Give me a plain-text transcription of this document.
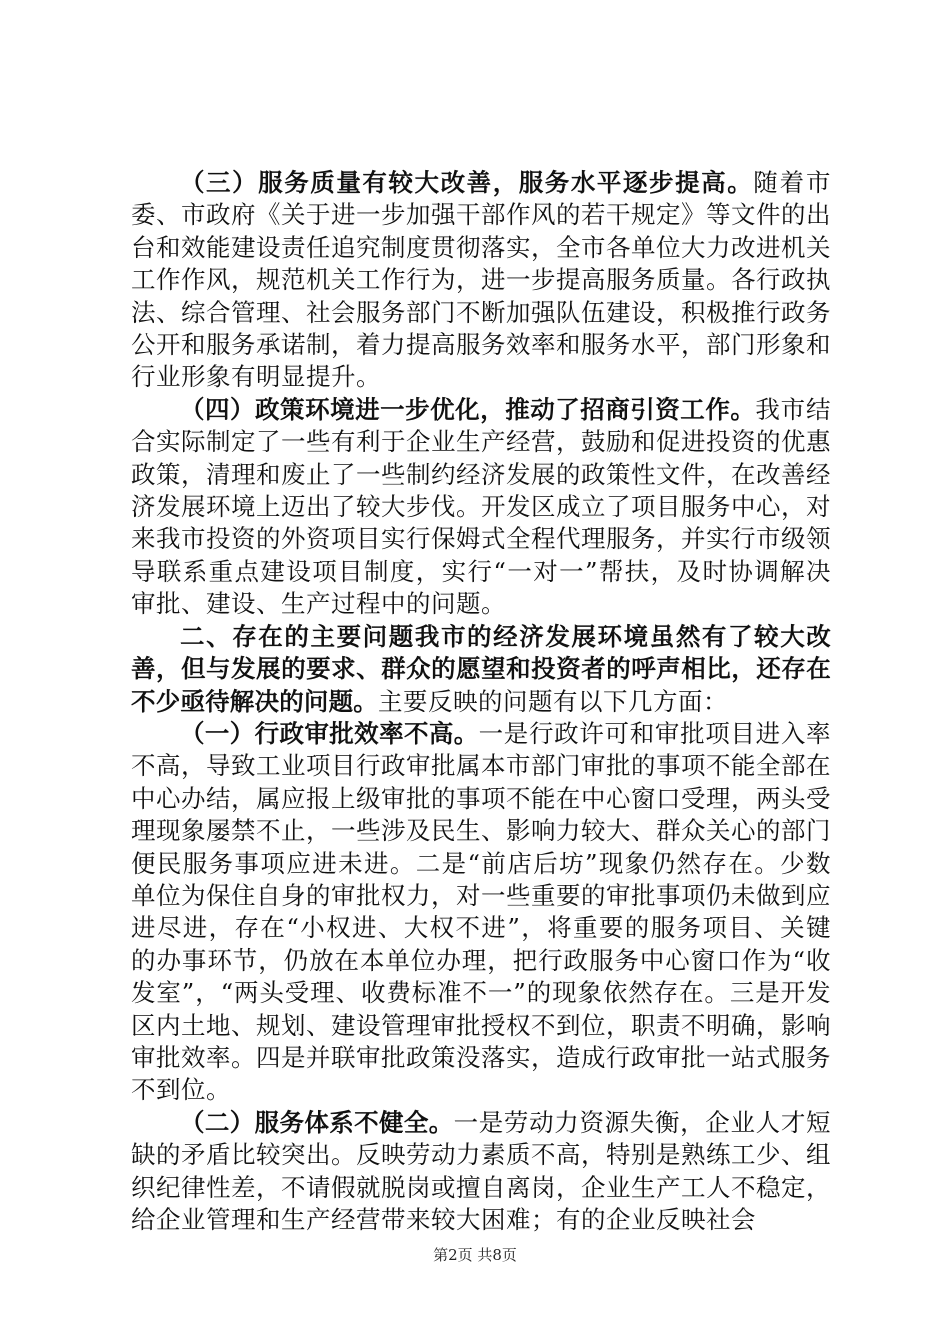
（三）服务质量有较大改善，服务水平逐步提高。随着市委、市政府《关于进一步加强干部作风的若干规定》等文件的出台和效能建设责任追究制度贯彻落实，全市各单位大力改进机关工作作风，规范机关工作行为，进一步提高服务质量。各行政执法、综合管理、社会服务部门不断加强队伍建设，积极推行政务公开和服务承诺制，着力提高服务效率和服务水平，部门形象和行业形象有明显提升。

（四）政策环境进一步优化，推动了招商引资工作。我市结合实际制定了一些有利于企业生产经营，鼓励和促进投资的优惠政策，清理和废止了一些制约经济发展的政策性文件，在改善经济发展环境上迈出了较大步伐。开发区成立了项目服务中心，对来我市投资的外资项目实行保姆式全程代理服务，并实行市级领导联系重点建设项目制度，实行“一对一”帮扶，及时协调解决审批、建设、生产过程中的问题。

二、存在的主要问题我市的经济发展环境虽然有了较大改善，但与发展的要求、群众的愿望和投资者的呼声相比，还存在不少亟待解决的问题。主要反映的问题有以下几方面：

（一）行政审批效率不高。一是行政许可和审批项目进入率不高，导致工业项目行政审批属本市部门审批的事项不能全部在中心办结，属应报上级审批的事项不能在中心窗口受理，两头受理现象屡禁不止，一些涉及民生、影响力较大、群众关心的部门便民服务事项应进未进。二是“前店后坊”现象仍然存在。少数单位为保住自身的审批权力，对一些重要的审批事项仍未做到应进尽进，存在“小权进、大权不进”，将重要的服务项目、关键的办事环节，仍放在本单位办理，把行政服务中心窗口作为“收发室”，“两头受理、收费标准不一”的现象依然存在。三是开发区内土地、规划、建设管理审批授权不到位，职责不明确，影响审批效率。四是并联审批政策没落实，造成行政审批一站式服务不到位。

（二）服务体系不健全。一是劳动力资源失衡，企业人才短缺的矛盾比较突出。反映劳动力素质不高，特别是熟练工少、组织纪律性差，不请假就脱岗或擅自离岗，企业生产工人不稳定，给企业管理和生产经营带来较大困难；有的企业反映社会

第2页 共8页
